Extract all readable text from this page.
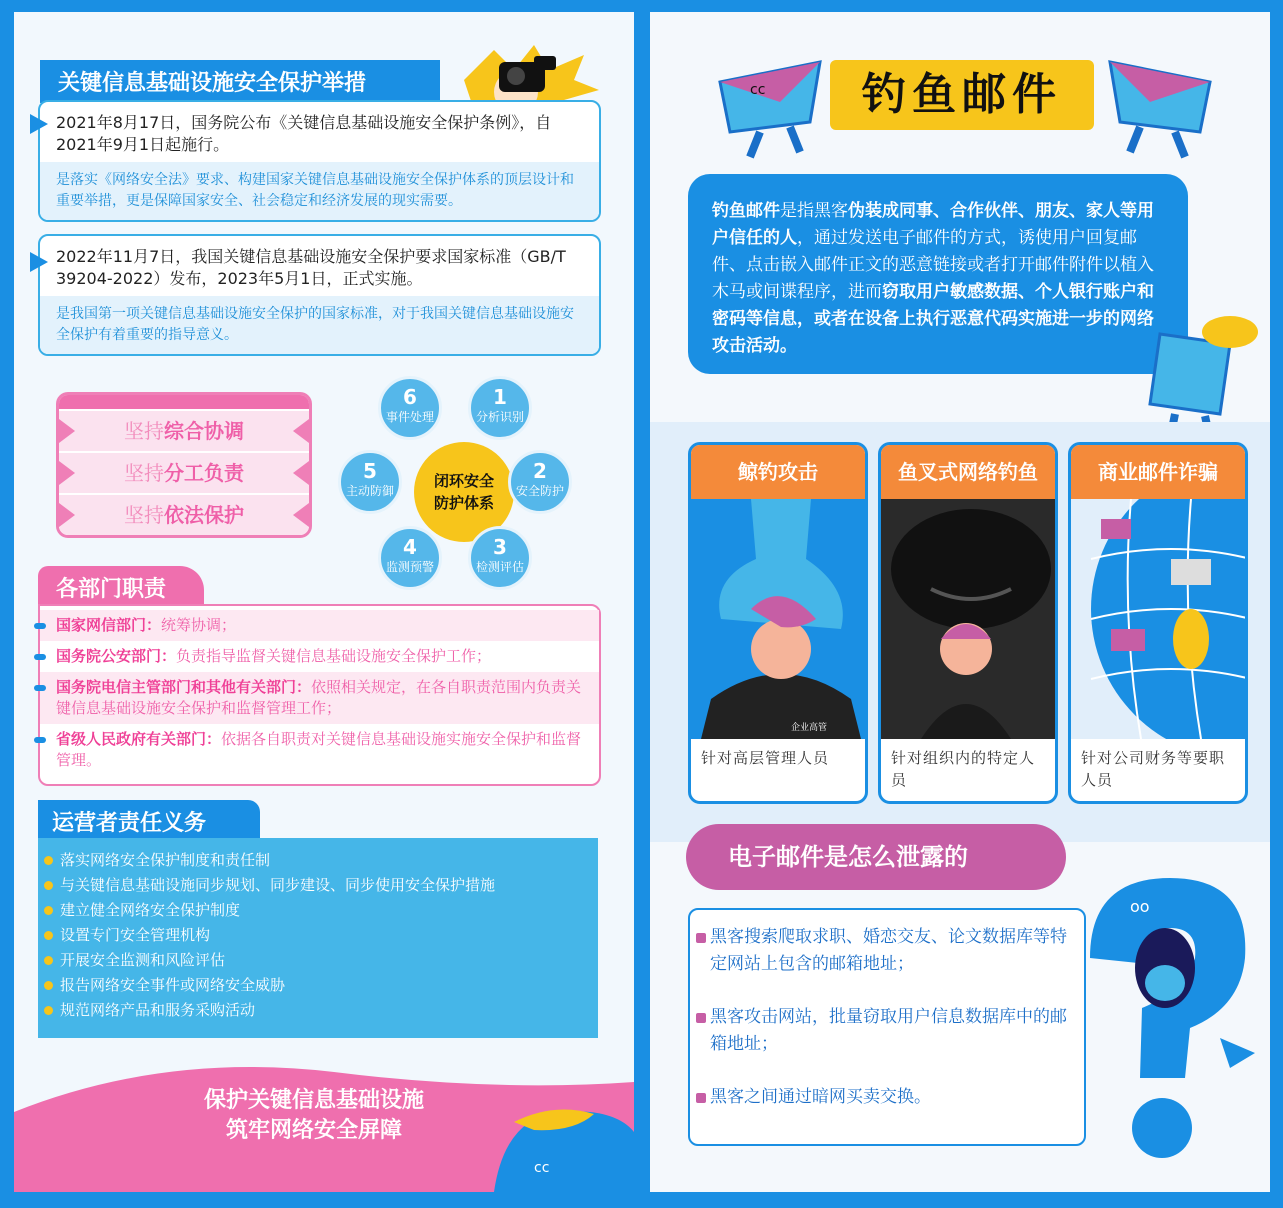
关键信息基础设施安全保护举措
2021年8月17日，国务院公布《关键信息基础设施安全保护条例》，自2021年9月1日起施行。
是落实《网络安全法》要求、构建国家关键信息基础设施安全保护体系的顶层设计和重要举措，更是保障国家安全、社会稳定和经济发展的现实需要。
2022年11月7日，我国关键信息基础设施安全保护要求国家标准（GB/T 39204-2022）发布，2023年5月1日，正式实施。
是我国第一项关键信息基础设施安全保护的国家标准，对于我国关键信息基础设施安全保护有着重要的指导意义。
坚持综合协调
坚持分工负责
坚持依法保护
闭环安全
防护体系
1
分析识别
2
安全防护
3
检测评估
4
监测预警
5
主动防御
6
事件处理
各部门职责
国家网信部门：统筹协调；
国务院公安部门：负责指导监督关键信息基础设施安全保护工作；
国务院电信主管部门和其他有关部门：依照相关规定，在各自职责范围内负责关键信息基础设施安全保护和监督管理工作；
省级人民政府有关部门：依据各自职责对关键信息基础设施实施安全保护和监督管理。
运营者责任义务
落实网络安全保护制度和责任制
与关键信息基础设施同步规划、同步建设、同步使用安全保护措施
建立健全网络安全保护制度
设置专门安全管理机构
开展安全监测和风险评估
报告网络安全事件或网络安全威胁
规范网络产品和服务采购活动
cc
保护关键信息基础设施
筑牢网络安全屏障
cc	钓鱼邮件
钓鱼邮件是指黑客伪装成同事、合作伙伴、朋友、家人等用户信任的人，通过发送电子邮件的方式，诱使用户回复邮件、点击嵌入邮件正文的恶意链接或者打开邮件附件以植入木马或间谍程序，进而窃取用户敏感数据、个人银行账户和密码等信息，或者在设备上执行恶意代码实施进一步的网络攻击活动。
鲸钓攻击
企业高管
针对高层管理人员
鱼叉式网络钓鱼
针对组织内的特定人员
商业邮件诈骗
针对公司财务等要职人员
电子邮件是怎么泄露的
黑客搜索爬取求职、婚恋交友、论文数据库等特定网站上包含的邮箱地址；
黑客攻击网站，批量窃取用户信息数据库中的邮箱地址；
黑客之间通过暗网买卖交换。
oo
